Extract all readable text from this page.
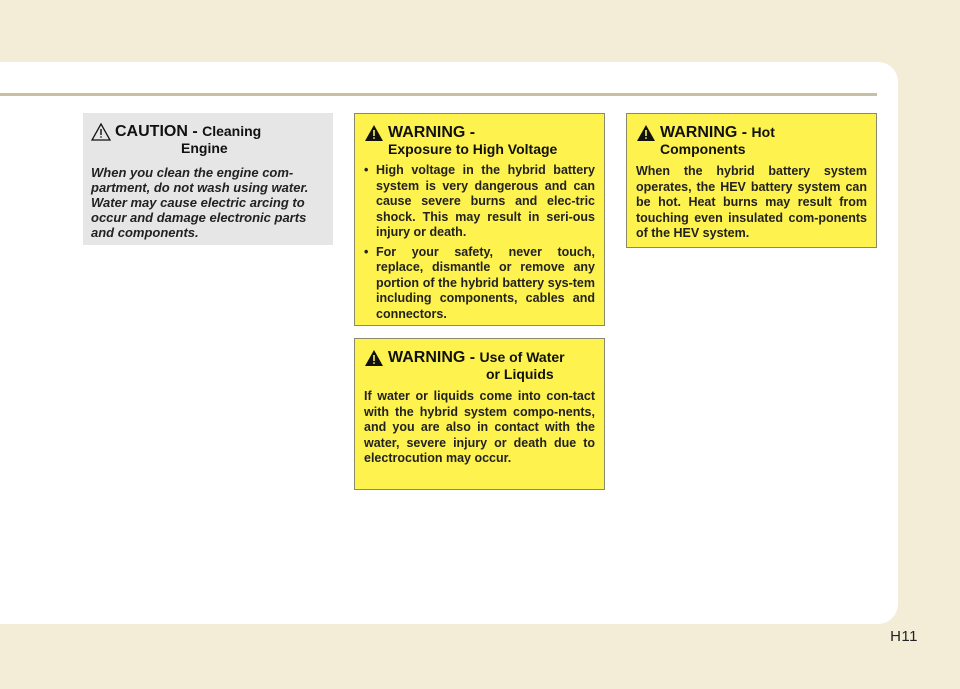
CAUTION - Cleaning
Engine
When you clean the engine com-partment, do not wash using water. Water may cause electric arcing to occur and damage electronic parts and components.
WARNING -
Exposure to High Voltage
• High voltage in the hybrid battery system is very dangerous and can cause severe burns and elec-tric shock. This may result in seri-ous injury or death.
• For your safety, never touch, replace, dismantle or remove any portion of the hybrid battery sys-tem including components, cables and connectors.
WARNING - Use of Water
or Liquids
If water or liquids come into con-tact with the hybrid system compo-nents, and you are also in contact with the water, severe injury or death due to electrocution may occur.
WARNING - Hot
Components
When the hybrid battery system operates, the HEV battery system can be hot. Heat burns may result from touching even insulated com-ponents of the HEV system.
H11
